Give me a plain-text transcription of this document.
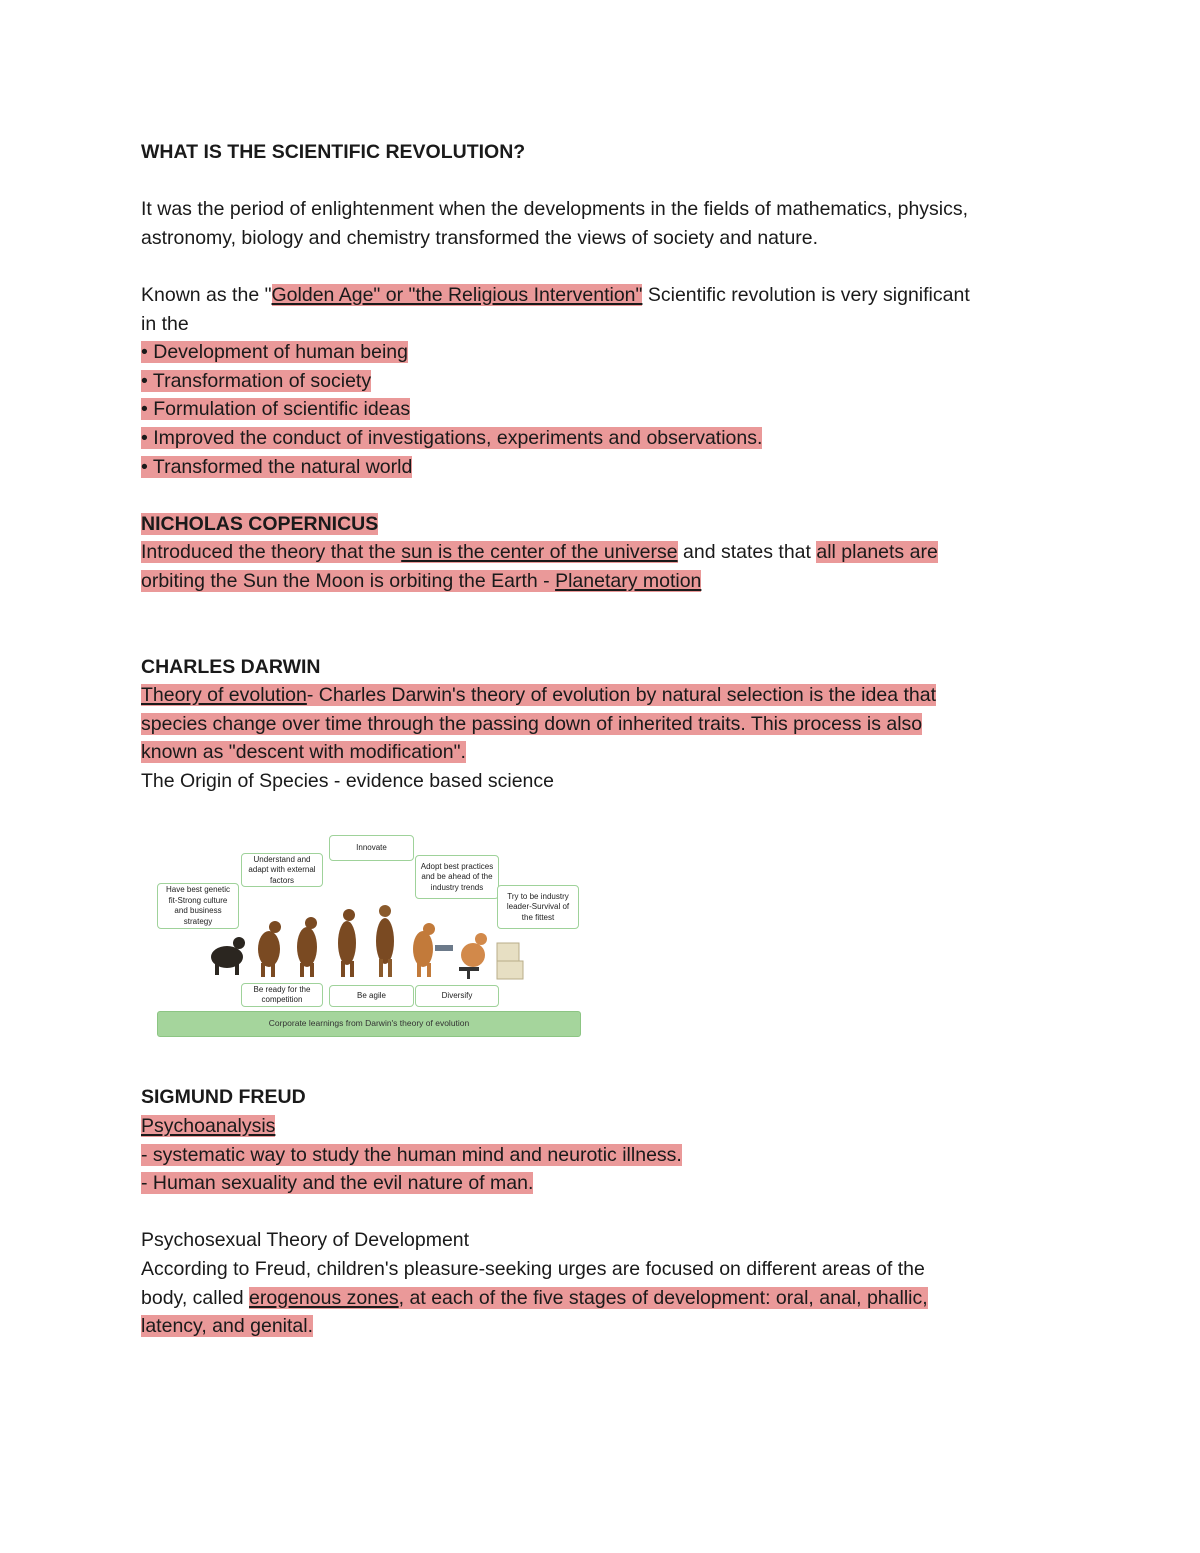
WHAT IS THE SCIENTIFIC REVOLUTION?
It was the period of enlightenment when the developments in the fields of mathematics, physics,
astronomy, biology and chemistry transformed the views of society and nature.
Known as the "Golden Age" or "the Religious Intervention" Scientific revolution is very significant
in the
• Development of human being
• Transformation of society
• Formulation of scientific ideas
• Improved the conduct of investigations, experiments and observations.
• Transformed the natural world
NICHOLAS COPERNICUS
Introduced the theory that the sun is the center of the universe and states that all planets are
orbiting the Sun the Moon is orbiting the Earth - Planetary motion
CHARLES DARWIN
Theory of evolution- Charles Darwin's theory of evolution by natural selection is the idea that
species change over time through the passing down of inherited traits. This process is also
known as "descent with modification".
The Origin of Species - evidence based science
Innovate
Understand and adapt with external factors
Adopt best practices and be ahead of the industry trends
Have best genetic fit-Strong culture and business strategy
Try to be industry leader-Survival of the fittest
Be ready for the competition	Be agile	Diversify
Corporate learnings from Darwin's theory of evolution
SIGMUND FREUD
Psychoanalysis
- systematic way to study the human mind and neurotic illness.
- Human sexuality and the evil nature of man.
Psychosexual Theory of Development
According to Freud, children's pleasure-seeking urges are focused on different areas of the
body, called erogenous zones, at each of the five stages of development: oral, anal, phallic,
latency, and genital.
